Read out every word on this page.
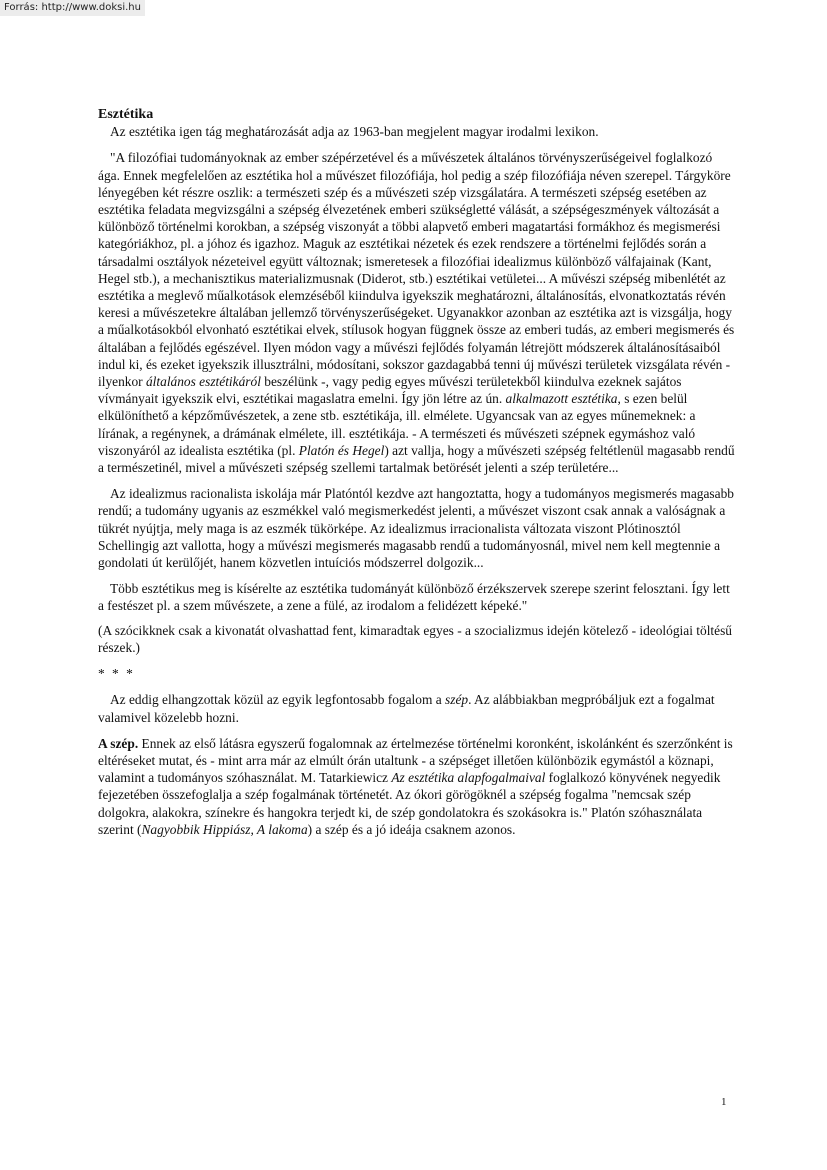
Forrás: http://www.doksi.hu

Esztétika

Az esztétika igen tág meghatározását adja az 1963-ban megjelent magyar irodalmi lexikon.

"A filozófiai tudományoknak az ember szépérzetével és a művészetek általános törvényszerűségeivel foglalkozó ága. Ennek megfelelően az esztétika hol a művészet filozófiája, hol pedig a szép filozófiája néven szerepel. Tárgyköre lényegében két részre oszlik: a természeti szép és a művészeti szép vizsgálatára. A természeti szépség esetében az esztétika feladata megvizsgálni a szépség élvezetének emberi szükségletté válását, a szépségeszmények változását a különböző történelmi korokban, a szépség viszonyát a többi alapvető emberi magatartási formákhoz és megismerési kategóriákhoz, pl. a jóhoz és igazhoz. Maguk az esztétikai nézetek és ezek rendszere a történelmi fejlődés során a társadalmi osztályok nézeteivel együtt változnak; ismeretesek a filozófiai idealizmus különböző válfajainak (Kant, Hegel stb.), a mechanisztikus materializmusnak (Diderot, stb.) esztétikai vetületei... A művészi szépség mibenlétét az esztétika a meglevő műalkotások elemzéséből kiindulva igyekszik meghatározni, általánosítás, elvonatkoztatás révén keresi a művészetekre általában jellemző törvényszerűségeket. Ugyanakkor azonban az esztétika azt is vizsgálja, hogy a műalkotásokból elvonható esztétikai elvek, stílusok hogyan függnek össze az emberi tudás, az emberi megismerés és általában a fejlődés egészével. Ilyen módon vagy a művészi fejlődés folyamán létrejött módszerek általánosításaiból indul ki, és ezeket igyekszik illusztrálni, módosítani, sokszor gazdagabbá tenni új művészi területek vizsgálata révén - ilyenkor általános esztétikáról beszélünk -, vagy pedig egyes művészi területekből kiindulva ezeknek sajátos vívmányait igyekszik elvi, esztétikai magaslatra emelni. Így jön létre az ún. alkalmazott esztétika, s ezen belül elkülöníthető a képzőművészetek, a zene stb. esztétikája, ill. elmélete. Ugyancsak van az egyes műnemeknek: a lírának, a regénynek, a drámának elmélete, ill. esztétikája. - A természeti és művészeti szépnek egymáshoz való viszonyáról az idealista esztétika (pl. Platón és Hegel) azt vallja, hogy a művészeti szépség feltétlenül magasabb rendű a természetinél, mivel a művészeti szépség szellemi tartalmak betörését jelenti a szép területére...

Az idealizmus racionalista iskolája már Platóntól kezdve azt hangoztatta, hogy a tudományos megismerés magasabb rendű; a tudomány ugyanis az eszmékkel való megismerkedést jelenti, a művészet viszont csak annak a valóságnak a tükrét nyújtja, mely maga is az eszmék tükörképe. Az idealizmus irracionalista változata viszont Plótinosztól Schellingig azt vallotta, hogy a művészi megismerés magasabb rendű a tudományosnál, mivel nem kell megtennie a gondolati út kerülőjét, hanem közvetlen intuíciós módszerrel dolgozik...

Több esztétikus meg is kísérelte az esztétika tudományát különböző érzékszervek szerepe szerint felosztani. Így lett a festészet pl. a szem művészete, a zene a fülé, az irodalom a felidézett képeké."

(A szócikknek csak a kivonatát olvashattad fent, kimaradtak egyes - a szocializmus idején kötelező - ideológiai töltésű részek.)

* * *

Az eddig elhangzottak közül az egyik legfontosabb fogalom a szép. Az alábbiakban megpróbáljuk ezt a fogalmat valamivel közelebb hozni.

A szép. Ennek az első látásra egyszerű fogalomnak az értelmezése történelmi koronként, iskolánként és szerzőnként is eltéréseket mutat, és - mint arra már az elmúlt órán utaltunk - a szépséget illetően különbözik egymástól a köznapi, valamint a tudományos szóhasználat. M. Tatarkiewicz Az esztétika alapfogalmaival foglalkozó könyvének negyedik fejezetében összefoglalja a szép fogalmának történetét. Az ókori görögöknél a szépség fogalma "nemcsak szép dolgokra, alakokra, színekre és hangokra terjedt ki, de szép gondolatokra és szokásokra is." Platón szóhasználata szerint (Nagyobbik Hippiász, A lakoma) a szép és a jó ideája csaknem azonos.

1
